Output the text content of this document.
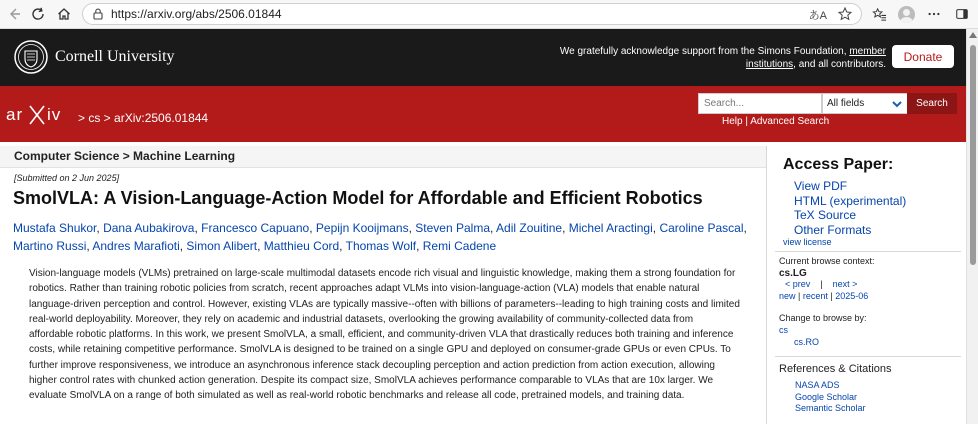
https://arxiv.org/abs/2506.01844	あA
Cornell University	We gratefully acknowledge support from the Simons Foundation, member institutions, and all contributors.
Donate
ar iv > cs > arXiv:2506.01844
Search...	All fields	Search
Help | Advanced Search
Computer Science > Machine Learning
[Submitted on 2 Jun 2025]
SmolVLA: A Vision-Language-Action Model for Affordable and Efficient Robotics
Mustafa Shukor, Dana Aubakirova, Francesco Capuano, Pepijn Kooijmans, Steven Palma, Adil Zouitine, Michel Aractingi, Caroline Pascal, Martino Russi, Andres Marafioti, Simon Alibert, Matthieu Cord, Thomas Wolf, Remi Cadene
Vision-language models (VLMs) pretrained on large-scale multimodal datasets encode rich visual and linguistic knowledge, making them a strong foundation for robotics. Rather than training robotic policies from scratch, recent approaches adapt VLMs into vision-language-action (VLA) models that enable natural language-driven perception and control. However, existing VLAs are typically massive--often with billions of parameters--leading to high training costs and limited real-world deployability. Moreover, they rely on academic and industrial datasets, overlooking the growing availability of community-collected data from affordable robotic platforms. In this work, we present SmolVLA, a small, efficient, and community-driven VLA that drastically reduces both training and inference costs, while retaining competitive performance. SmolVLA is designed to be trained on a single GPU and deployed on consumer-grade GPUs or even CPUs. To further improve responsiveness, we introduce an asynchronous inference stack decoupling perception and action prediction from action execution, allowing higher control rates with chunked action generation. Despite its compact size, SmolVLA achieves performance comparable to VLAs that are 10x larger. We evaluate SmolVLA on a range of both simulated as well as real-world robotic benchmarks and release all code, pretrained models, and training data.
Access Paper:
View PDF
HTML (experimental)
TeX Source
Other Formats
view license
Current browse context:
cs.LG
< prev | next >
new | recent | 2025-06
Change to browse by:
cs
cs.RO
References & Citations
NASA ADS
Google Scholar
Semantic Scholar
